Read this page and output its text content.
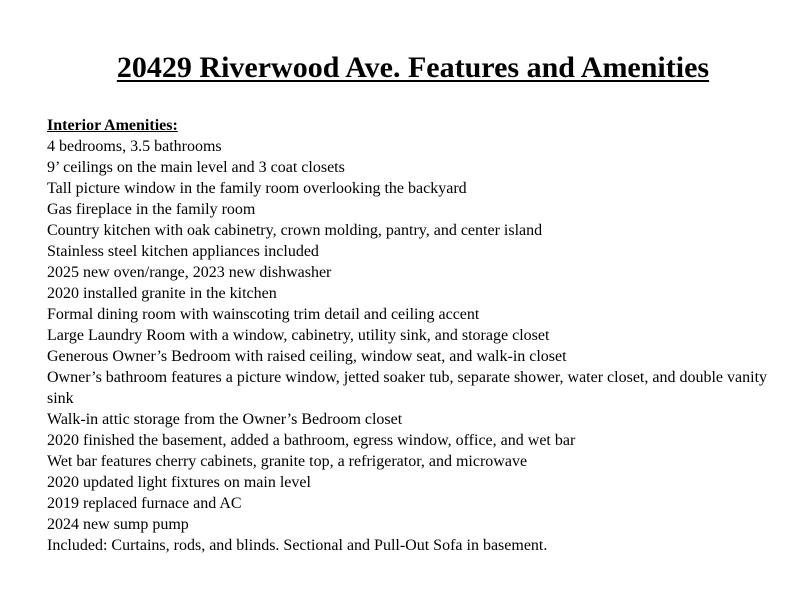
20429 Riverwood Ave. Features and Amenities
Interior Amenities:
4 bedrooms, 3.5 bathrooms
9’ ceilings on the main level and 3 coat closets
Tall picture window in the family room overlooking the backyard
Gas fireplace in the family room
Country kitchen with oak cabinetry, crown molding, pantry, and center island
Stainless steel kitchen appliances included
2025 new oven/range, 2023 new dishwasher
2020 installed granite in the kitchen
Formal dining room with wainscoting trim detail and ceiling accent
Large Laundry Room with a window, cabinetry, utility sink, and storage closet
Generous Owner’s Bedroom with raised ceiling, window seat, and walk-in closet
Owner’s bathroom features a picture window, jetted soaker tub, separate shower, water closet, and double vanity sink
Walk-in attic storage from the Owner’s Bedroom closet
2020 finished the basement, added a bathroom, egress window, office, and wet bar
Wet bar features cherry cabinets, granite top, a refrigerator, and microwave
2020 updated light fixtures on main level
2019 replaced furnace and AC
2024 new sump pump
Included: Curtains, rods, and blinds. Sectional and Pull-Out Sofa in basement.
